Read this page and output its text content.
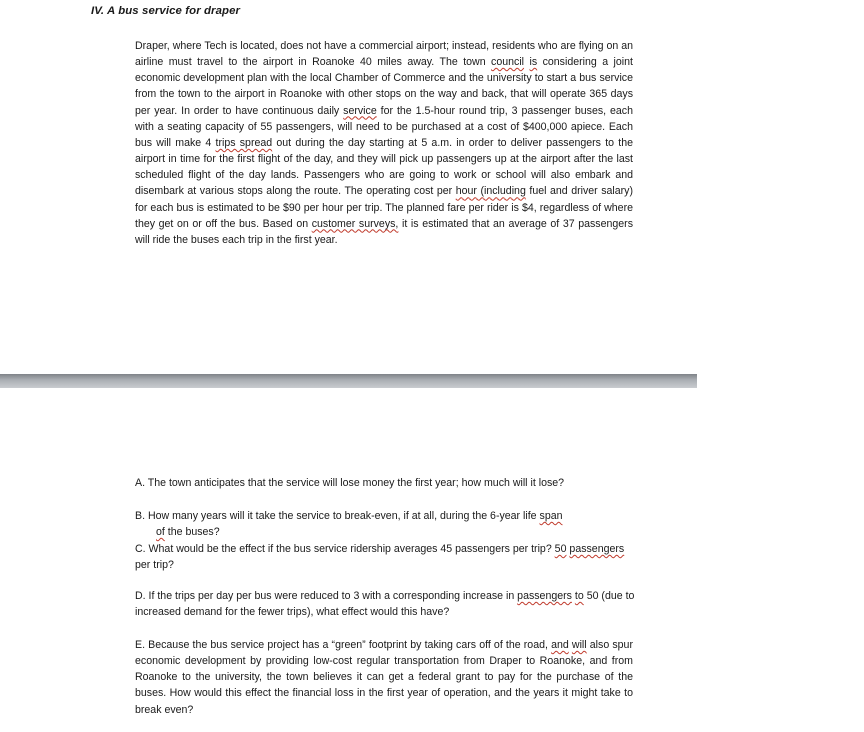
IV. A bus service for draper
Draper, where Tech is located, does not have a commercial airport; instead, residents who are flying on an airline must travel to the airport in Roanoke 40 miles away. The town council is considering a joint economic development plan with the local Chamber of Commerce and the university to start a bus service from the town to the airport in Roanoke with other stops on the way and back, that will operate 365 days per year. In order to have continuous daily service for the 1.5-hour round trip, 3 passenger buses, each with a seating capacity of 55 passengers, will need to be purchased at a cost of $400,000 apiece. Each bus will make 4 trips spread out during the day starting at 5 a.m. in order to deliver passengers to the airport in time for the first flight of the day, and they will pick up passengers up at the airport after the last scheduled flight of the day lands. Passengers who are going to work or school will also embark and disembark at various stops along the route. The operating cost per hour (including fuel and driver salary) for each bus is estimated to be $90 per hour per trip. The planned fare per rider is $4, regardless of where they get on or off the bus. Based on customer surveys, it is estimated that an average of 37 passengers will ride the buses each trip in the first year.
A. The town anticipates that the service will lose money the first year; how much will it lose?
B. How many years will it take the service to break-even, if at all, during the 6-year life span
of the buses?
C. What would be the effect if the bus service ridership averages 45 passengers per trip? 50 passengers per trip?
D. If the trips per day per bus were reduced to 3 with a corresponding increase in passengers to 50 (due to increased demand for the fewer trips), what effect would this have?
E. Because the bus service project has a “green” footprint by taking cars off of the road, and will also spur economic development by providing low-cost regular transportation from Draper to Roanoke, and from Roanoke to the university, the town believes it can get a federal grant to pay for the purchase of the buses. How would this effect the financial loss in the first year of operation, and the years it might take to break even?
